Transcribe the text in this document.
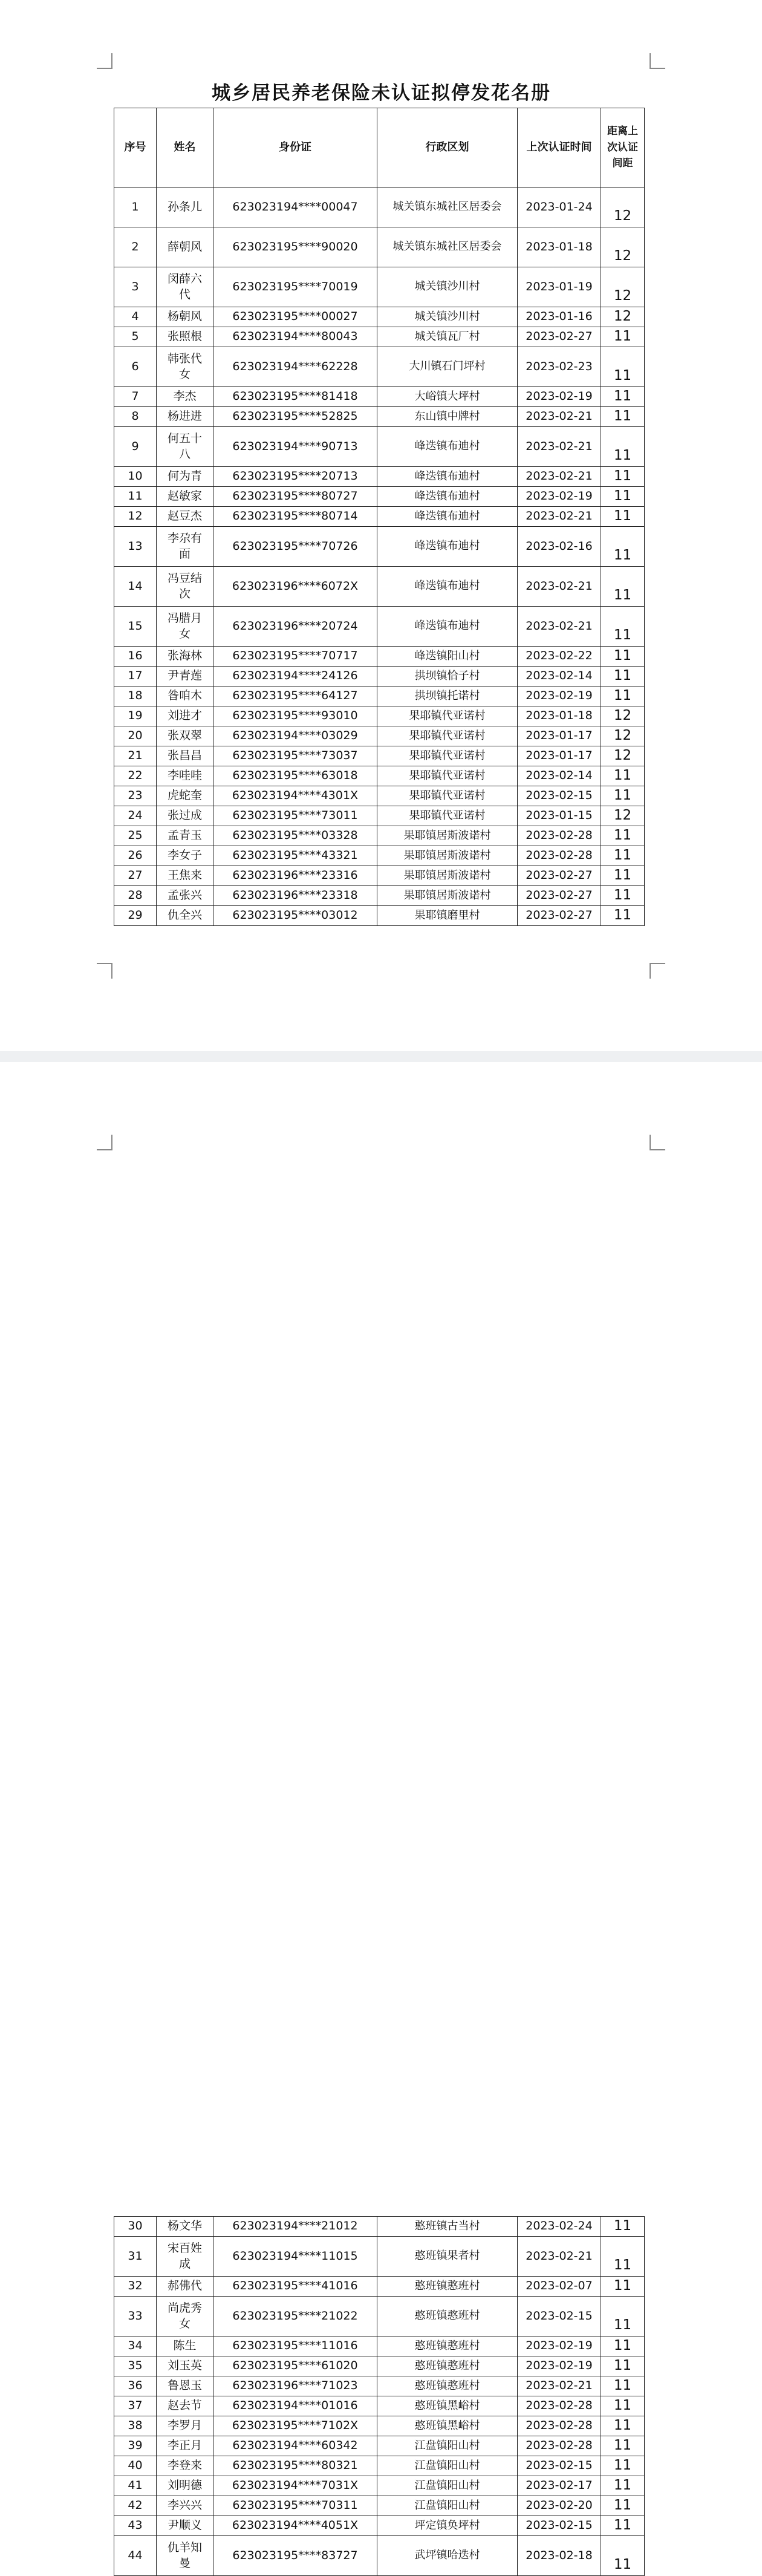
城乡居民养老保险未认证拟停发花名册
序号	姓名	身份证	行政区划	上次认证时间	距离上次认证间距
1	孙条儿	623023194****00047	城关镇东城社区居委会	2023-01-24	12
2	薛朝风	623023195****90020	城关镇东城社区居委会	2023-01-18	12
3	闵薛六代	623023195****70019	城关镇沙川村	2023-01-19	12
4	杨朝风	623023195****00027	城关镇沙川村	2023-01-16	12
5	张照根	623023194****80043	城关镇瓦厂村	2023-02-27	11
6	韩张代女	623023194****62228	大川镇石门坪村	2023-02-23	11
7	李杰	623023195****81418	大峪镇大坪村	2023-02-19	11
8	杨进进	623023195****52825	东山镇中牌村	2023-02-21	11
9	何五十八	623023194****90713	峰迭镇布迪村	2023-02-21	11
10	何为青	623023195****20713	峰迭镇布迪村	2023-02-21	11
11	赵敏家	623023195****80727	峰迭镇布迪村	2023-02-19	11
12	赵豆杰	623023195****80714	峰迭镇布迪村	2023-02-21	11
13	李尕有面	623023195****70726	峰迭镇布迪村	2023-02-16	11
14	冯豆结次	623023196****6072X	峰迭镇布迪村	2023-02-21	11
15	冯腊月女	623023196****20724	峰迭镇布迪村	2023-02-21	11
16	张海林	623023195****70717	峰迭镇阳山村	2023-02-22	11
17	尹青莲	623023194****24126	拱坝镇恰子村	2023-02-14	11
18	昝咱木	623023195****64127	拱坝镇托诺村	2023-02-19	11
19	刘进才	623023195****93010	果耶镇代亚诺村	2023-01-18	12
20	张双翠	623023194****03029	果耶镇代亚诺村	2023-01-17	12
21	张昌昌	623023195****73037	果耶镇代亚诺村	2023-01-17	12
22	李哇哇	623023195****63018	果耶镇代亚诺村	2023-02-14	11
23	虎蛇奎	623023194****4301X	果耶镇代亚诺村	2023-02-15	11
24	张过成	623023195****73011	果耶镇代亚诺村	2023-01-15	12
25	孟青玉	623023195****03328	果耶镇居斯波诺村	2023-02-28	11
26	李女子	623023195****43321	果耶镇居斯波诺村	2023-02-28	11
27	王焦来	623023196****23316	果耶镇居斯波诺村	2023-02-27	11
28	孟张兴	623023196****23318	果耶镇居斯波诺村	2023-02-27	11
29	仇全兴	623023195****03012	果耶镇磨里村	2023-02-27	11
30	杨文华	623023194****21012	憨班镇古当村	2023-02-24	11
31	宋百姓成	623023194****11015	憨班镇果者村	2023-02-21	11
32	郝佛代	623023195****41016	憨班镇憨班村	2023-02-07	11
33	尚虎秀女	623023195****21022	憨班镇憨班村	2023-02-15	11
34	陈生	623023195****11016	憨班镇憨班村	2023-02-19	11
35	刘玉英	623023195****61020	憨班镇憨班村	2023-02-19	11
36	鲁恩玉	623023196****71023	憨班镇憨班村	2023-02-21	11
37	赵去节	623023194****01016	憨班镇黑峪村	2023-02-28	11
38	李罗月	623023195****7102X	憨班镇黑峪村	2023-02-28	11
39	李正月	623023194****60342	江盘镇阳山村	2023-02-28	11
40	李登来	623023195****80321	江盘镇阳山村	2023-02-15	11
41	刘明德	623023194****7031X	江盘镇阳山村	2023-02-17	11
42	李兴兴	623023195****70311	江盘镇阳山村	2023-02-20	11
43	尹顺义	623023194****4051X	坪定镇奂坪村	2023-02-15	11
44	仇羊知曼	623023195****83727	武坪镇哈迭村	2023-02-18	11
